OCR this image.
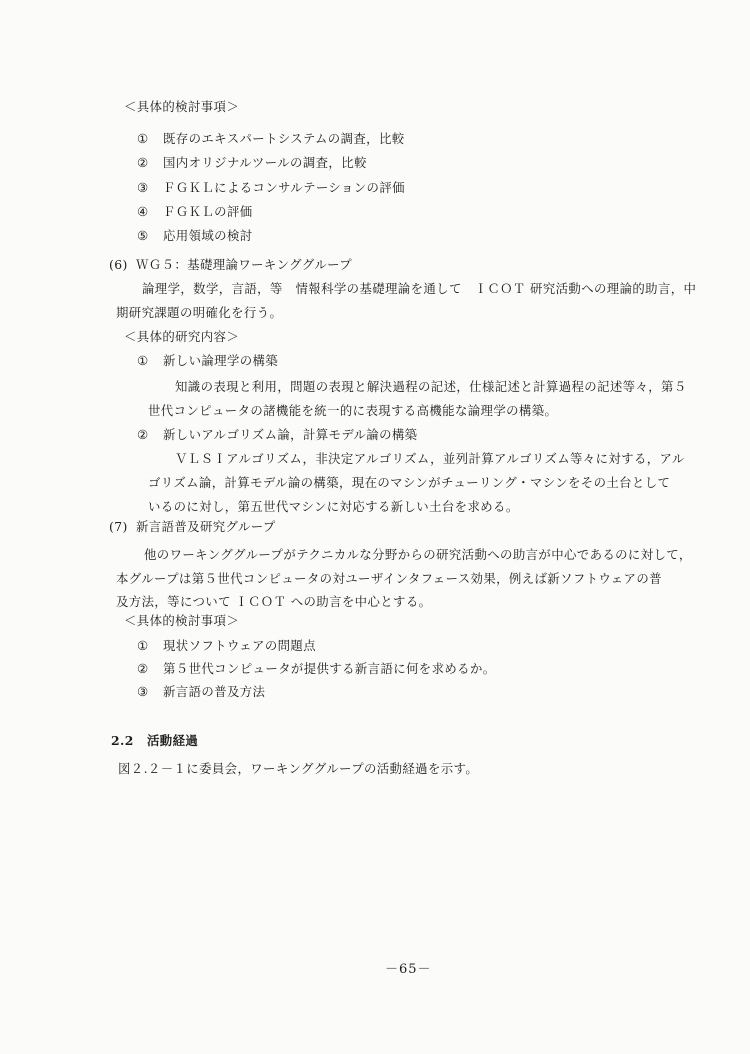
＜具体的検討事項＞
① 既存のエキスパートシステムの調査，比較
② 国内オリジナルツールの調査，比較
③ ＦＧＫＬによるコンサルテーションの評価
④ ＦＧＫＬの評価
⑤ 応用領域の検討
(6) ＷＧ５：基礎理論ワーキンググループ
論理学，数学，言語，等　情報科学の基礎理論を通して　ＩＣＯＴ 研究活動への理論的助言，中
期研究課題の明確化を行う。
＜具体的研究内容＞
① 新しい論理学の構築
知識の表現と利用，問題の表現と解決過程の記述，仕様記述と計算過程の記述等々，第５
世代コンピュータの諸機能を統一的に表現する高機能な論理学の構築。
② 新しいアルゴリズム論，計算モデル論の構築
ＶＬＳＩアルゴリズム，非決定アルゴリズム，並列計算アルゴリズム等々に対する，アル
ゴリズム論，計算モデル論の構築，現在のマシンがチューリング・マシンをその土台として
いるのに対し，第五世代マシンに対応する新しい土台を求める。
(7) 新言語普及研究グループ
他のワーキンググループがテクニカルな分野からの研究活動への助言が中心であるのに対して，
本グループは第５世代コンピュータの対ユーザインタフェース効果，例えば新ソフトウェアの普
及方法，等について ＩＣＯＴ への助言を中心とする。
＜具体的検討事項＞
① 現状ソフトウェアの問題点
② 第５世代コンピュータが提供する新言語に何を求めるか。
③ 新言語の普及方法
2.2 活動経過
図２.２－１に委員会，ワーキンググループの活動経過を示す。
－65－
